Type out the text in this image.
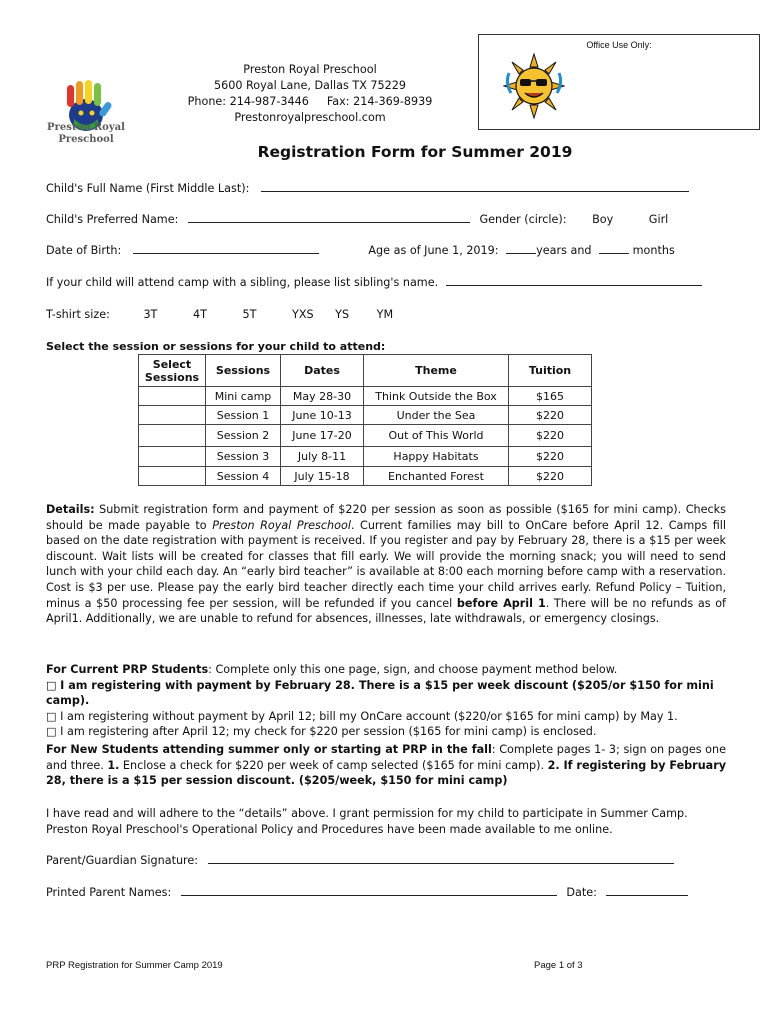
Office Use Only:
Preston Royal Preschool
5600 Royal Lane, Dallas TX 75229
Phone: 214-987-3446 Fax: 214-369-8939
Prestonroyalpreschool.com
Preston Royal
Preschool
Registration Form for Summer 2019
Child's Full Name (First Middle Last):
Child's Preferred Name:	Gender (circle): Boy	Girl
Date of Birth:	Age as of June 1, 2019:	years and	months
If your child will attend camp with a sibling, please list sibling's name.
T-shirt size:	3T	4T	5T	YXS YS YM
Select the session or sessions for your child to attend:
Select Sessions	Sessions	Dates	Theme	Tuition
	Mini camp	May 28-30	Think Outside the Box	$165
	Session 1	June 10-13	Under the Sea	$220
	Session 2	June 17-20	Out of This World	$220
	Session 3	July 8-11	Happy Habitats	$220
	Session 4	July 15-18	Enchanted Forest	$220
Details: Submit registration form and payment of $220 per session as soon as possible ($165 for mini camp). Checks should be made payable to Preston Royal Preschool. Current families may bill to OnCare before April 12. Camps fill based on the date registration with payment is received. If you register and pay by February 28, there is a $15 per week discount. Wait lists will be created for classes that fill early. We will provide the morning snack; you will need to send lunch with your child each day. An “early bird teacher” is available at 8:00 each morning before camp with a reservation. Cost is $3 per use. Please pay the early bird teacher directly each time your child arrives early. Refund Policy – Tuition, minus a $50 processing fee per session, will be refunded if you cancel before April 1. There will be no refunds as of April1. Additionally, we are unable to refund for absences, illnesses, late withdrawals, or emergency closings.
For Current PRP Students: Complete only this one page, sign, and choose payment method below.
□ I am registering with payment by February 28. There is a $15 per week discount ($205/or $150 for mini camp).
□ I am registering without payment by April 12; bill my OnCare account ($220/or $165 for mini camp) by May 1.
□ I am registering after April 12; my check for $220 per session ($165 for mini camp) is enclosed.
For New Students attending summer only or starting at PRP in the fall: Complete pages 1- 3; sign on pages one and three. 1. Enclose a check for $220 per week of camp selected ($165 for mini camp). 2. If registering by February 28, there is a $15 per session discount. ($205/week, $150 for mini camp)
I have read and will adhere to the “details” above. I grant permission for my child to participate in Summer Camp. Preston Royal Preschool's Operational Policy and Procedures have been made available to me online.
Parent/Guardian Signature:
Printed Parent Names:	Date:
PRP Registration for Summer Camp 2019	Page 1 of 3
